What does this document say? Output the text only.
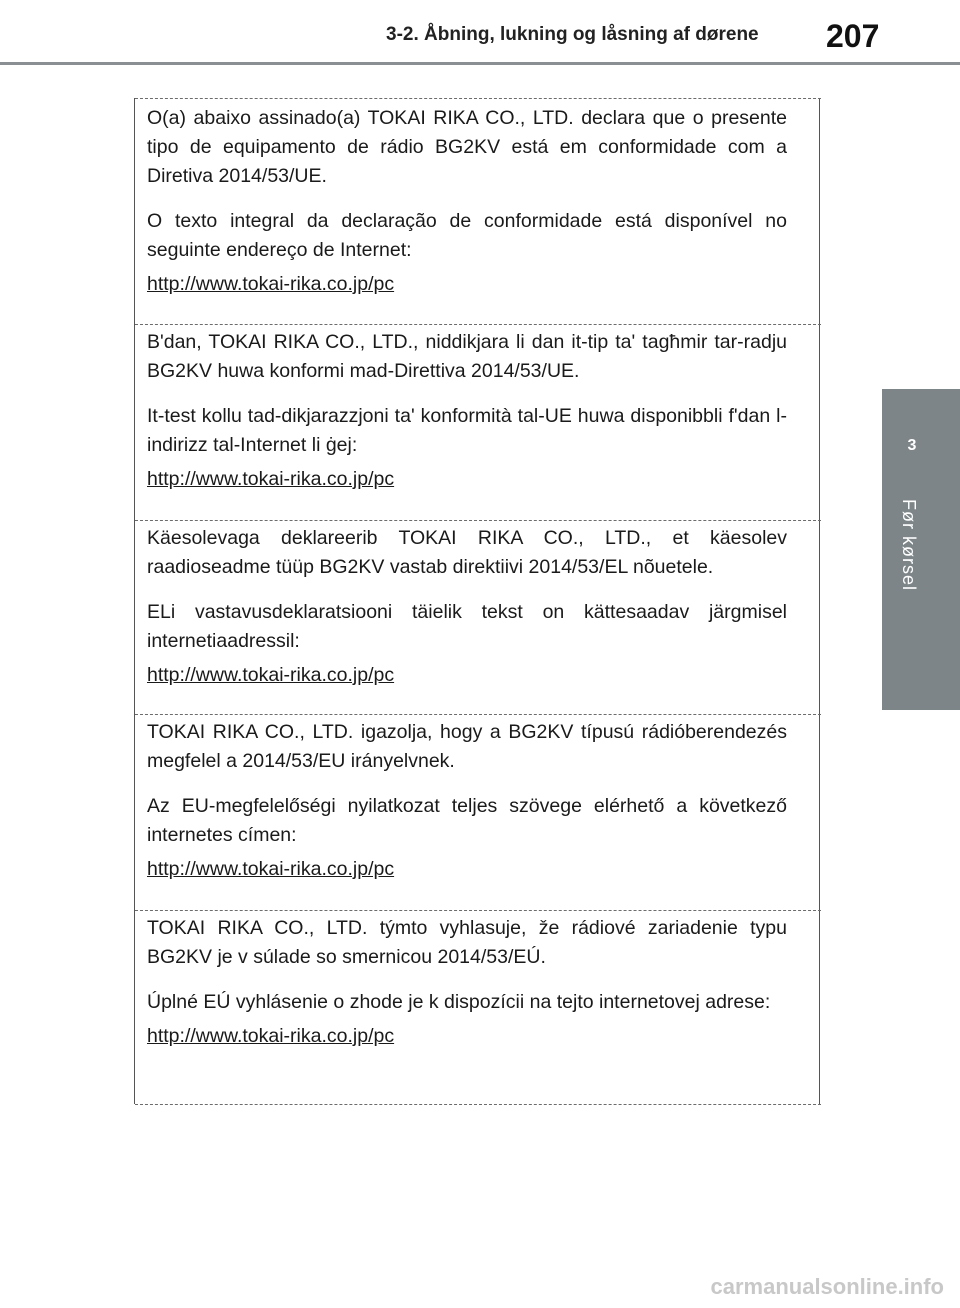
3-2. Åbning, lukning og låsning af dørene 207
3
Før kørsel

O(a) abaixo assinado(a) TOKAI RIKA CO., LTD. declara que o presente tipo de equipamento de rádio BG2KV está em conformidade com a Diretiva 2014/53/UE.

O texto integral da declaração de conformidade está disponível no seguinte endereço de Internet:

http://www.tokai-rika.co.jp/pc

B'dan, TOKAI RIKA CO., LTD., niddikjara li dan it-tip ta' tagħmir tar-radju BG2KV huwa konformi mad-Direttiva 2014/53/UE.

It-test kollu tad-dikjarazzjoni ta' konformità tal-UE huwa disponibbli f'dan l-indirizz tal-Internet li ġej:

http://www.tokai-rika.co.jp/pc

Käesolevaga deklareerib TOKAI RIKA CO., LTD., et käesolev raadioseadme tüüp BG2KV vastab direktiivi 2014/53/EL nõuetele.

ELi vastavusdeklaratsiooni täielik tekst on kättesaadav järgmisel internetiaadressil:

http://www.tokai-rika.co.jp/pc

TOKAI RIKA CO., LTD. igazolja, hogy a BG2KV típusú rádióberendezés megfelel a 2014/53/EU irányelvnek.

Az EU-megfelelőségi nyilatkozat teljes szövege elérhető a következő internetes címen:

http://www.tokai-rika.co.jp/pc

TOKAI RIKA CO., LTD. týmto vyhlasuje, že rádiové zariadenie typu BG2KV je v súlade so smernicou 2014/53/EÚ.

Úplné EÚ vyhlásenie o zhode je k dispozícii na tejto internetovej adrese:

http://www.tokai-rika.co.jp/pc
carmanualsonline.info
